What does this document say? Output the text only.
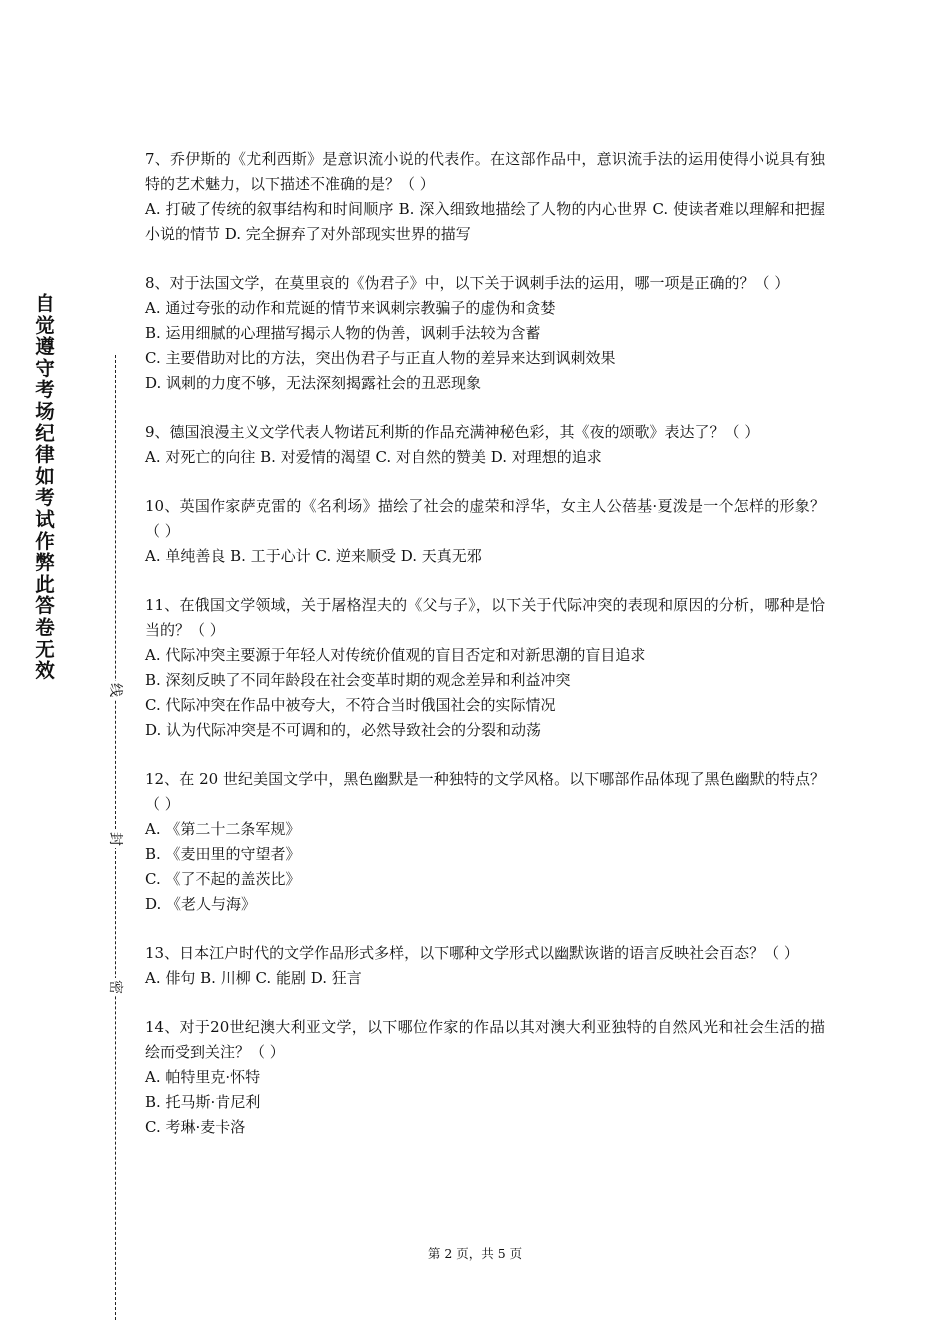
自觉遵守考场纪律如考试作弊此答卷无效
线
封
密
7、乔伊斯的《尤利西斯》是意识流小说的代表作。在这部作品中，意识流手法的运用使得小说具有独特的艺术魅力，以下描述不准确的是？（ ）
A. 打破了传统的叙事结构和时间顺序 B. 深入细致地描绘了人物的内心世界 C. 使读者难以理解和把握小说的情节 D. 完全摒弃了对外部现实世界的描写
8、对于法国文学，在莫里哀的《伪君子》中，以下关于讽刺手法的运用，哪一项是正确的？（ ）
A. 通过夸张的动作和荒诞的情节来讽刺宗教骗子的虚伪和贪婪
B. 运用细腻的心理描写揭示人物的伪善，讽刺手法较为含蓄
C. 主要借助对比的方法，突出伪君子与正直人物的差异来达到讽刺效果
D. 讽刺的力度不够，无法深刻揭露社会的丑恶现象
9、德国浪漫主义文学代表人物诺瓦利斯的作品充满神秘色彩，其《夜的颂歌》表达了？（ ）
A. 对死亡的向往 B. 对爱情的渴望 C. 对自然的赞美 D. 对理想的追求
10、英国作家萨克雷的《名利场》描绘了社会的虚荣和浮华，女主人公蓓基·夏泼是一个怎样的形象？（ ）
A. 单纯善良 B. 工于心计 C. 逆来顺受 D. 天真无邪
11、在俄国文学领域，关于屠格涅夫的《父与子》，以下关于代际冲突的表现和原因的分析，哪种是恰当的？（ ）
A. 代际冲突主要源于年轻人对传统价值观的盲目否定和对新思潮的盲目追求
B. 深刻反映了不同年龄段在社会变革时期的观念差异和利益冲突
C. 代际冲突在作品中被夸大，不符合当时俄国社会的实际情况
D. 认为代际冲突是不可调和的，必然导致社会的分裂和动荡
12、在 20 世纪美国文学中，黑色幽默是一种独特的文学风格。以下哪部作品体现了黑色幽默的特点？（ ）
A. 《第二十二条军规》
B. 《麦田里的守望者》
C. 《了不起的盖茨比》
D. 《老人与海》
13、日本江户时代的文学作品形式多样，以下哪种文学形式以幽默诙谐的语言反映社会百态？（ ）
A. 俳句 B. 川柳 C. 能剧 D. 狂言
14、对于20世纪澳大利亚文学，以下哪位作家的作品以其对澳大利亚独特的自然风光和社会生活的描绘而受到关注？（ ）
A. 帕特里克·怀特
B. 托马斯·肯尼利
C. 考琳·麦卡洛
第 2 页，共 5 页
